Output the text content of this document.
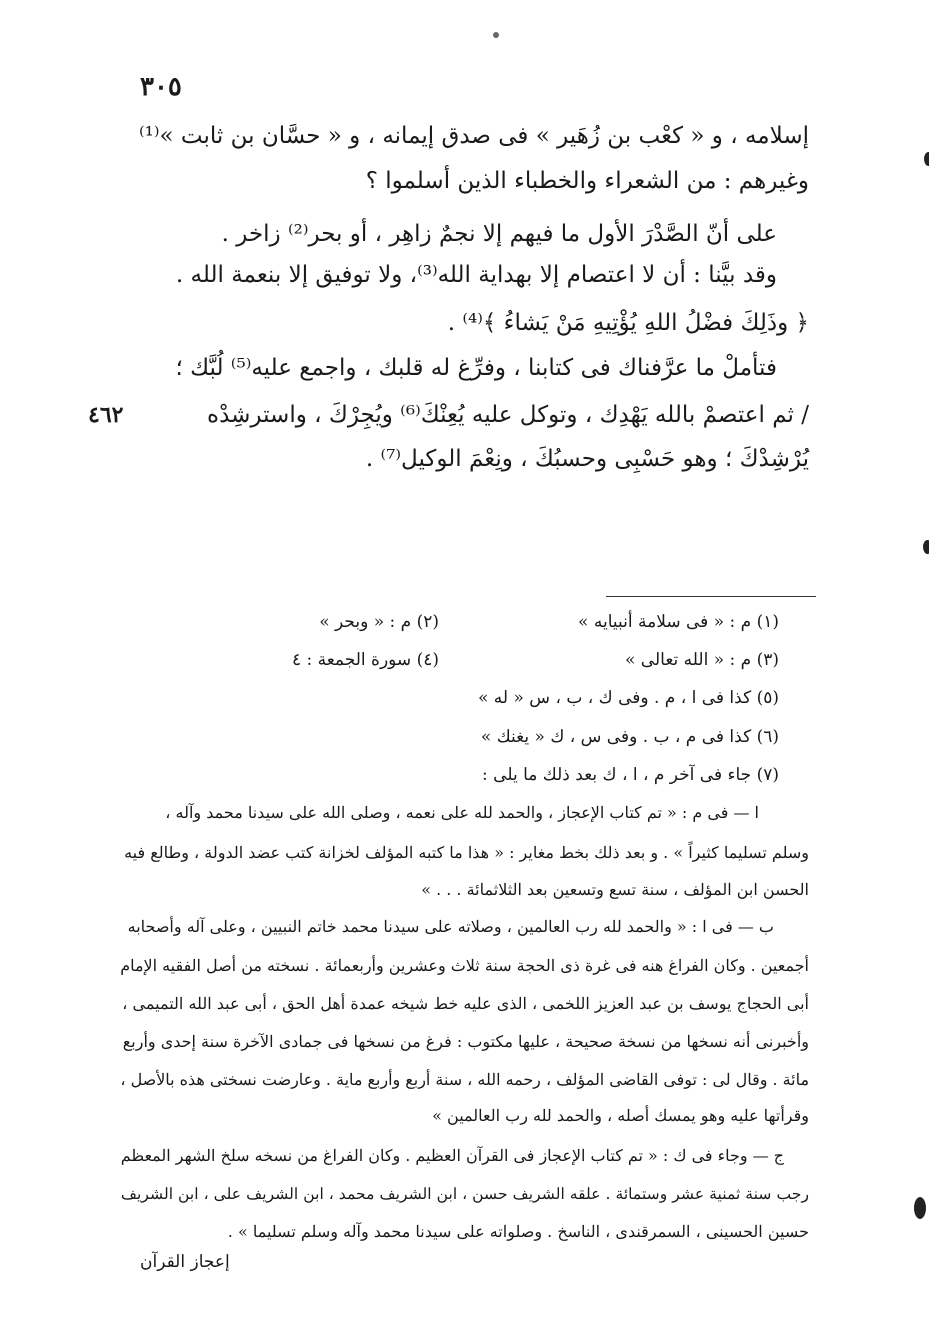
٣٠٥
٤٦٢
إسلامه ، و « كعْب بن زُهَير » فى صدق إيمانه ، و « حسَّان بن ثابت »⁽¹⁾
وغيرهم : من الشعراء والخطباء الذين أسلموا ؟
على أنّ الصَّدْرَ الأول ما فيهم إلا نجمٌ زاهِر ، أو بحر⁽²⁾ زاخر .
وقد بيَّنا : أن لا اعتصام إلا بهداية الله⁽³⁾، ولا توفيق إلا بنعمة الله .
﴿ وذَلِكَ فضْلُ اللهِ يُؤْتِيهِ مَنْ يَشاءُ ﴾⁽⁴⁾ .
فتأملْ ما عرَّفناك فى كتابنا ، وفرِّغ له قلبك ، واجمع عليه⁽⁵⁾ لُبَّك ؛
/ ثم اعتصمْ بالله يَهْدِك ، وتوكل عليه يُعِنْكَ⁽⁶⁾ ويُجِرْكَ ، واسترشِدْه
يُرْشِدْكَ ؛ وهو حَسْبِى وحسبُكَ ، ونِعْمَ الوكيل⁽⁷⁾ .
(١) م : « فى سلامة أنبيايه »
(٢) م : « وبحر »
(٣) م : « الله تعالى »
(٤) سورة الجمعة : ٤
(٥) كذا فى ا ، م . وفى ك ، ب ، س « له »
(٦) كذا فى م ، ب . وفى س ، ك « يغنك »
(٧) جاء فى آخر م ، ا ، ك بعد ذلك ما يلى :
ا — فى م : « تم كتاب الإعجاز ، والحمد لله على نعمه ، وصلى الله على سيدنا محمد وآله ،
وسلم تسليما كثيراً » . و بعد ذلك بخط مغاير : « هذا ما كتبه المؤلف لخزانة كتب عضد الدولة ، وطالع فيه
الحسن ابن المؤلف ، سنة تسع وتسعين بعد الثلاثمائة . . . »
ب — فى ا : « والحمد لله رب العالمين ، وصلاته على سيدنا محمد خاتم النبيين ، وعلى آله وأصحابه
أجمعين . وكان الفراغ هنه فى غرة ذى الحجة سنة ثلاث وعشرين وأربعمائة . نسخته من أصل الفقيه الإمام
أبى الحجاج يوسف بن عبد العزيز اللخمى ، الذى عليه خط شيخه عمدة أهل الحق ، أبى عبد الله التميمى ،
وأخبرنى أنه نسخها من نسخة صحيحة ، عليها مكتوب : فرغ من نسخها فى جمادى الآخرة سنة إحدى وأربع
مائة . وقال لى : توفى القاضى المؤلف ، رحمه الله ، سنة أربع وأربع ماية . وعارضت نسختى هذه بالأصل ،
وقرأتها عليه وهو يمسك أصله ، والحمد لله رب العالمين »
ج — وجاء فى ك : « تم كتاب الإعجاز فى القرآن العظيم . وكان الفراغ من نسخه سلخ الشهر المعظم
رجب سنة ثمنية عشر وستمائة . علقه الشريف حسن ، ابن الشريف محمد ، ابن الشريف على ، ابن الشريف
حسين الحسينى ، السمرقندى ، الناسخ . وصلواته على سيدنا محمد وآله وسلم تسليما » .
إعجاز القرآن
